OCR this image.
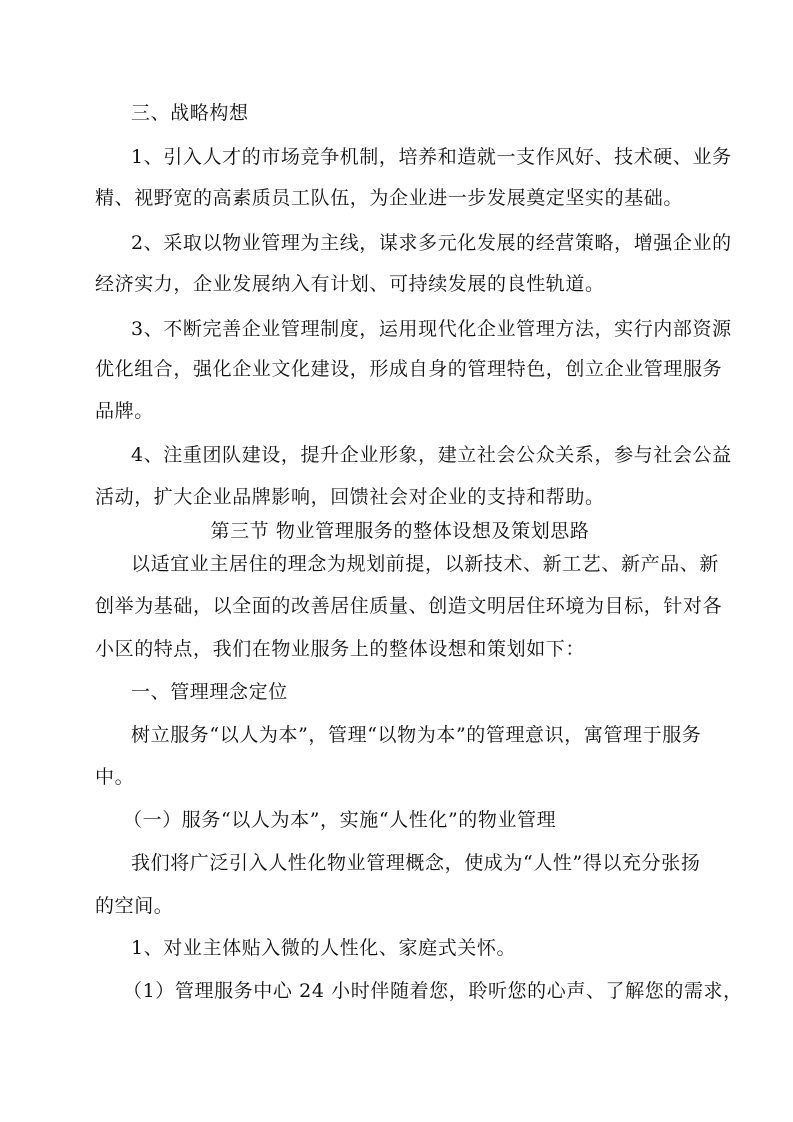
三、战略构想
1、引入人才的市场竞争机制，培养和造就一支作风好、技术硬、业务
精、视野宽的高素质员工队伍，为企业进一步发展奠定坚实的基础。
2、采取以物业管理为主线，谋求多元化发展的经营策略，增强企业的
经济实力，企业发展纳入有计划、可持续发展的良性轨道。
3、不断完善企业管理制度，运用现代化企业管理方法，实行内部资源
优化组合，强化企业文化建设，形成自身的管理特色，创立企业管理服务
品牌。
4、注重团队建设，提升企业形象，建立社会公众关系，参与社会公益
活动，扩大企业品牌影响，回馈社会对企业的支持和帮助。
第三节 物业管理服务的整体设想及策划思路
以适宜业主居住的理念为规划前提，以新技术、新工艺、新产品、新
创举为基础，以全面的改善居住质量、创造文明居住环境为目标，针对各
小区的特点，我们在物业服务上的整体设想和策划如下：
一、管理理念定位
树立服务“以人为本”，管理“以物为本”的管理意识，寓管理于服务
中。
（一）服务“以人为本”，实施“人性化”的物业管理
我们将广泛引入人性化物业管理概念，使成为“人性”得以充分张扬
的空间。
1、对业主体贴入微的人性化、家庭式关怀。
（1）管理服务中心 24 小时伴随着您，聆听您的心声、了解您的需求，
